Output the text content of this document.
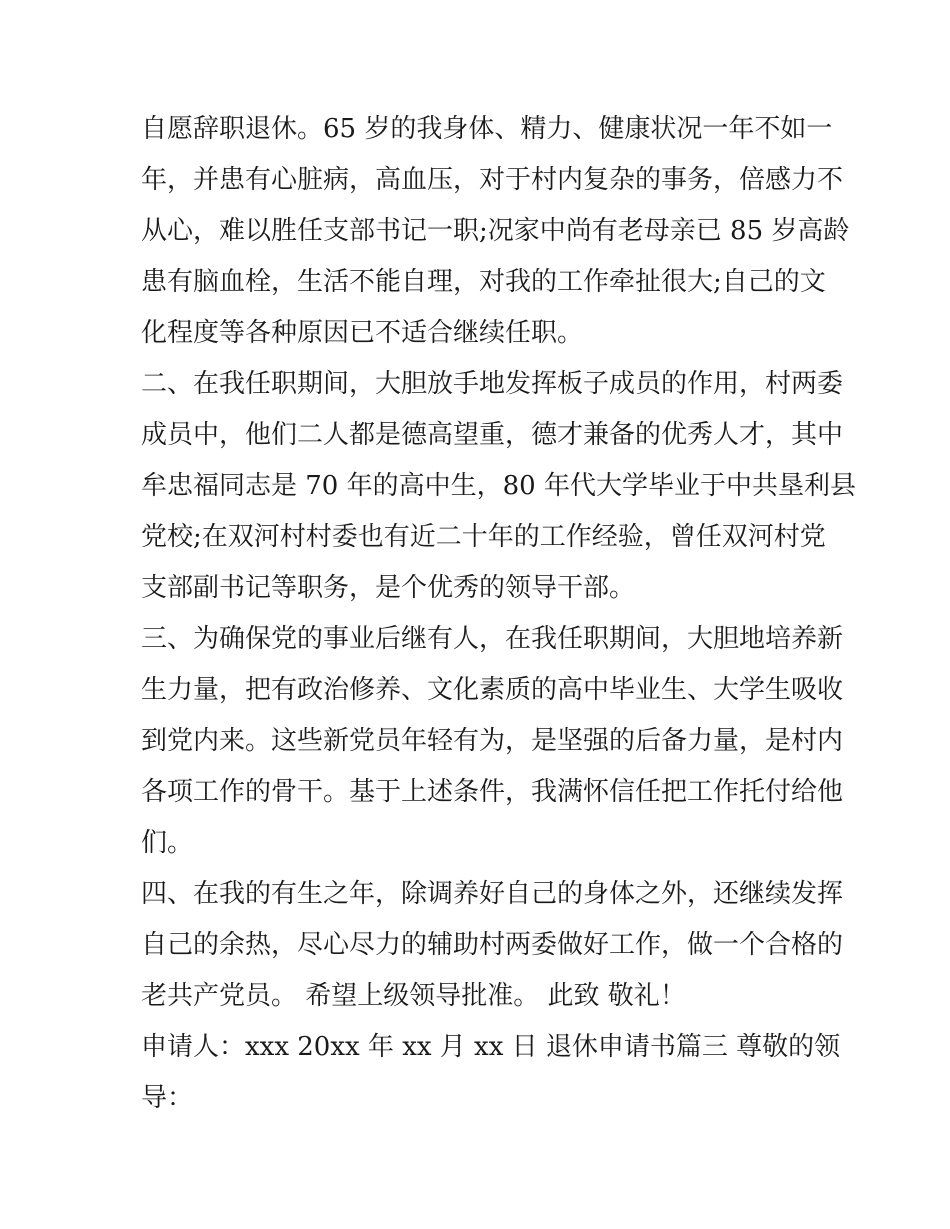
自愿辞职退休。65 岁的我身体、精力、健康状况一年不如一
年，并患有心脏病，高血压，对于村内复杂的事务，倍感力不
从心，难以胜任支部书记一职;况家中尚有老母亲已 85 岁高龄
患有脑血栓，生活不能自理，对我的工作牵扯很大;自己的文
化程度等各种原因已不适合继续任职。
二、在我任职期间，大胆放手地发挥板子成员的作用，村两委
成员中，他们二人都是德高望重，德才兼备的优秀人才，其中
牟忠福同志是 70 年的高中生，80 年代大学毕业于中共垦利县
党校;在双河村村委也有近二十年的工作经验，曾任双河村党
支部副书记等职务，是个优秀的领导干部。
三、为确保党的事业后继有人，在我任职期间，大胆地培养新
生力量，把有政治修养、文化素质的高中毕业生、大学生吸收
到党内来。这些新党员年轻有为，是坚强的后备力量，是村内
各项工作的骨干。基于上述条件，我满怀信任把工作托付给他
们。
四、在我的有生之年，除调养好自己的身体之外，还继续发挥
自己的余热，尽心尽力的辅助村两委做好工作，做一个合格的
老共产党员。 希望上级领导批准。 此致 敬礼！
申请人：xxx 20xx 年 xx 月 xx 日 退休申请书篇三 尊敬的领
导：
